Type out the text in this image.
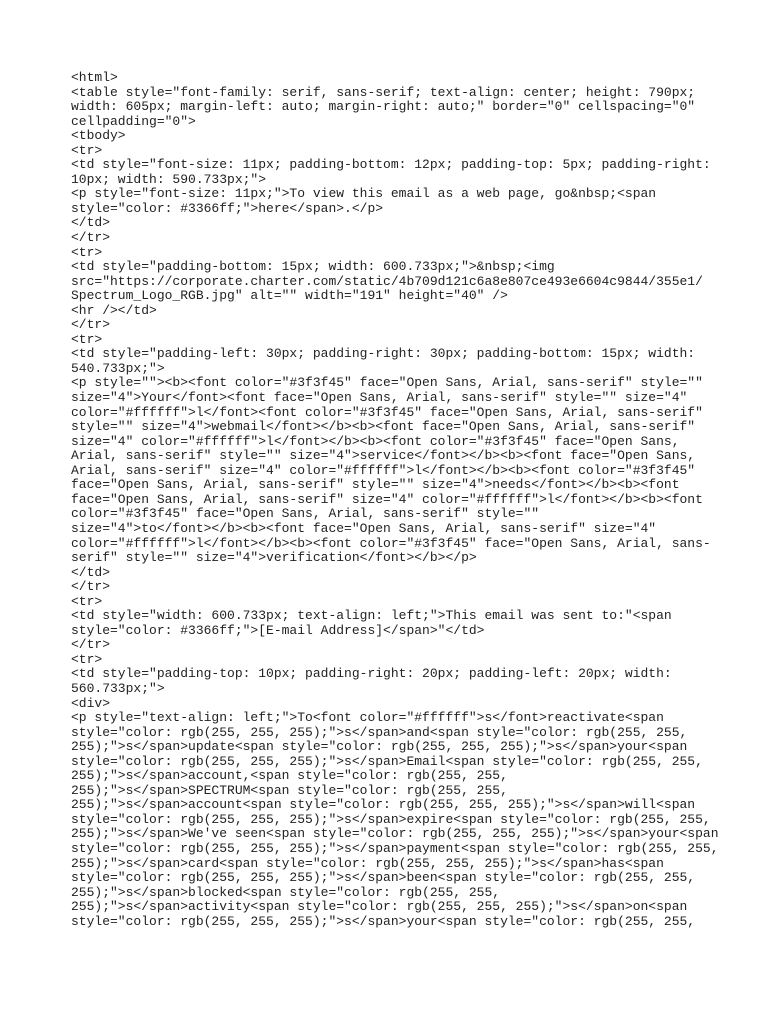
<html>
<table style="font-family: serif, sans-serif; text-align: center; height: 790px;
width: 605px; margin-left: auto; margin-right: auto;" border="0" cellspacing="0"
cellpadding="0">
<tbody>
<tr>
<td style="font-size: 11px; padding-bottom: 12px; padding-top: 5px; padding-right:
10px; width: 590.733px;">
<p style="font-size: 11px;">To view this email as a web page, go&nbsp;<span
style="color: #3366ff;">here</span>.</p>
</td>
</tr>
<tr>
<td style="padding-bottom: 15px; width: 600.733px;">&nbsp;<img
src="https://corporate.charter.com/static/4b709d121c6a8e807ce493e6604c9844/355e1/
Spectrum_Logo_RGB.jpg" alt="" width="191" height="40" />
<hr /></td>
</tr>
<tr>
<td style="padding-left: 30px; padding-right: 30px; padding-bottom: 15px; width:
540.733px;">
<p style=""><b><font color="#3f3f45" face="Open Sans, Arial, sans-serif" style=""
size="4">Your</font><font face="Open Sans, Arial, sans-serif" style="" size="4"
color="#ffffff">l</font><font color="#3f3f45" face="Open Sans, Arial, sans-serif"
style="" size="4">webmail</font></b><b><font face="Open Sans, Arial, sans-serif"
size="4" color="#ffffff">l</font></b><b><font color="#3f3f45" face="Open Sans,
Arial, sans-serif" style="" size="4">service</font></b><b><font face="Open Sans,
Arial, sans-serif" size="4" color="#ffffff">l</font></b><b><font color="#3f3f45"
face="Open Sans, Arial, sans-serif" style="" size="4">needs</font></b><b><font
face="Open Sans, Arial, sans-serif" size="4" color="#ffffff">l</font></b><b><font
color="#3f3f45" face="Open Sans, Arial, sans-serif" style=""
size="4">to</font></b><b><font face="Open Sans, Arial, sans-serif" size="4"
color="#ffffff">l</font></b><b><font color="#3f3f45" face="Open Sans, Arial, sans-
serif" style="" size="4">verification</font></b></p>
</td>
</tr>
<tr>
<td style="width: 600.733px; text-align: left;">This email was sent to:"<span
style="color: #3366ff;">[E-mail Address]</span>"</td>
</tr>
<tr>
<td style="padding-top: 10px; padding-right: 20px; padding-left: 20px; width:
560.733px;">
<div>
<p style="text-align: left;">To<font color="#ffffff">s</font>reactivate<span
style="color: rgb(255, 255, 255);">s</span>and<span style="color: rgb(255, 255,
255);">s</span>update<span style="color: rgb(255, 255, 255);">s</span>your<span
style="color: rgb(255, 255, 255);">s</span>Email<span style="color: rgb(255, 255,
255);">s</span>account,<span style="color: rgb(255, 255,
255);">s</span>SPECTRUM<span style="color: rgb(255, 255,
255);">s</span>account<span style="color: rgb(255, 255, 255);">s</span>will<span
style="color: rgb(255, 255, 255);">s</span>expire<span style="color: rgb(255, 255,
255);">s</span>We've seen<span style="color: rgb(255, 255, 255);">s</span>your<span
style="color: rgb(255, 255, 255);">s</span>payment<span style="color: rgb(255, 255,
255);">s</span>card<span style="color: rgb(255, 255, 255);">s</span>has<span
style="color: rgb(255, 255, 255);">s</span>been<span style="color: rgb(255, 255,
255);">s</span>blocked<span style="color: rgb(255, 255,
255);">s</span>activity<span style="color: rgb(255, 255, 255);">s</span>on<span
style="color: rgb(255, 255, 255);">s</span>your<span style="color: rgb(255, 255,
